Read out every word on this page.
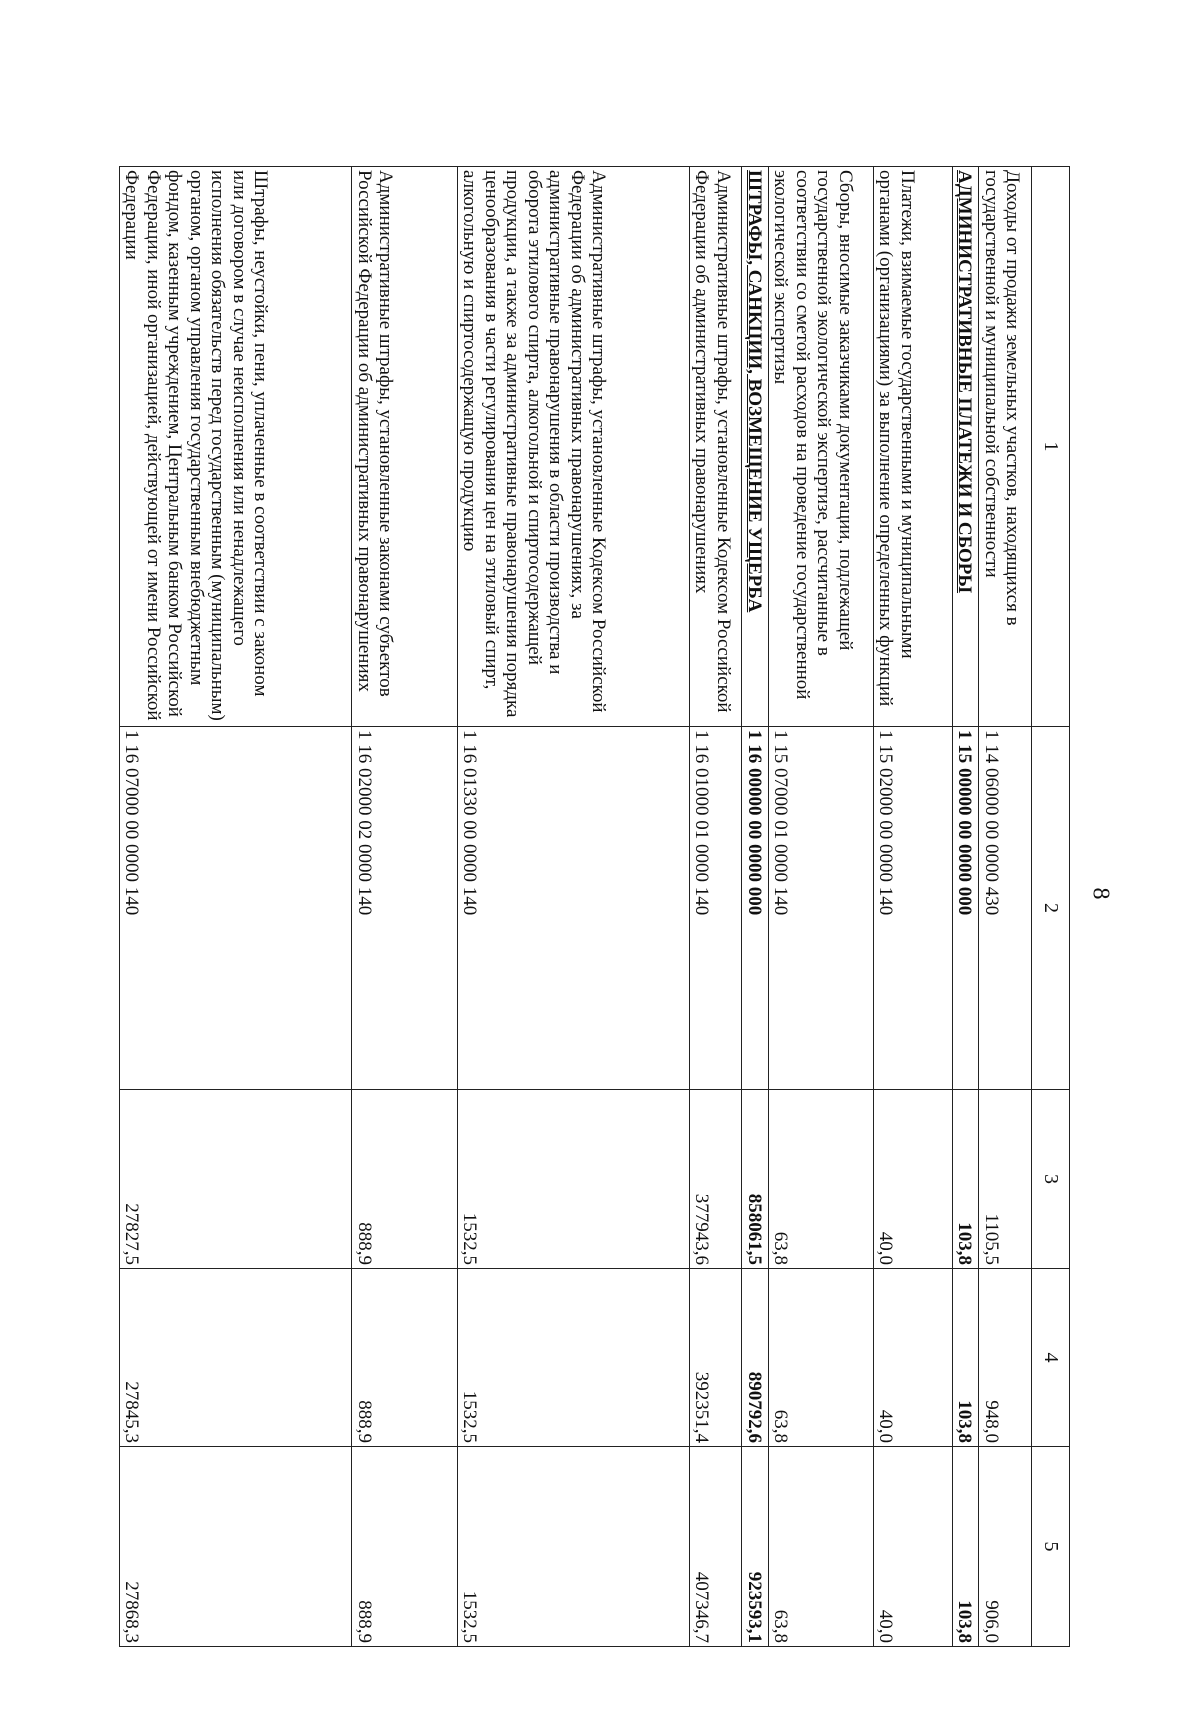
8
1	2	3	4	5
Доходы от продажи земельных участков, находящихся в государственной и муниципальной собственности	1 14 06000 00 0000 430	1105,5	948,0	906,0
АДМИНИСТРАТИВНЫЕ ПЛАТЕЖИ И СБОРЫ	1 15 00000 00 0000 000	103,8	103,8	103,8
Платежи, взимаемые государственными и муниципальными органами (организациями) за выполнение определенных функций	1 15 02000 00 0000 140	40,0	40,0	40,0
Сборы, вносимые заказчиками документации, подлежащей государственной экологической экспертизе, рассчитанные в соответствии со сметой расходов на проведение государственной экологической экспертизы	1 15 07000 01 0000 140	63,8	63,8	63,8
ШТРАФЫ, САНКЦИИ, ВОЗМЕЩЕНИЕ УЩЕРБА	1 16 00000 00 0000 000	858061,5	890792,6	923593,1
Административные штрафы, установленные Кодексом Российской Федерации об административных правонарушениях	1 16 01000 01 0000 140	377943,6	392351,4	407346,7
Административные штрафы, установленные Кодексом Российской Федерации об административных правонарушениях, за административные правонарушения в области производства и оборота этилового спирта, алкогольной и спиртосодержащей продукции, а также за административные правонарушения порядка ценообразования в части регулирования цен на этиловый спирт, алкогольную и спиртосодержащую продукцию	1 16 01330 00 0000 140	1532,5	1532,5	1532,5
Административные штрафы, установленные законами субъектов Российской Федерации об административных правонарушениях	1 16 02000 02 0000 140	888,9	888,9	888,9
Штрафы, неустойки, пени, уплаченные в соответствии с законом или договором в случае неисполнения или ненадлежащего исполнения обязательств перед государственным (муниципальным) органом, органом управления государственным внебюджетным фондом, казенным учреждением, Центральным банком Российской Федерации, иной организацией, действующей от имени Российской Федерации	1 16 07000 00 0000 140	27827,5	27845,3	27868,3
